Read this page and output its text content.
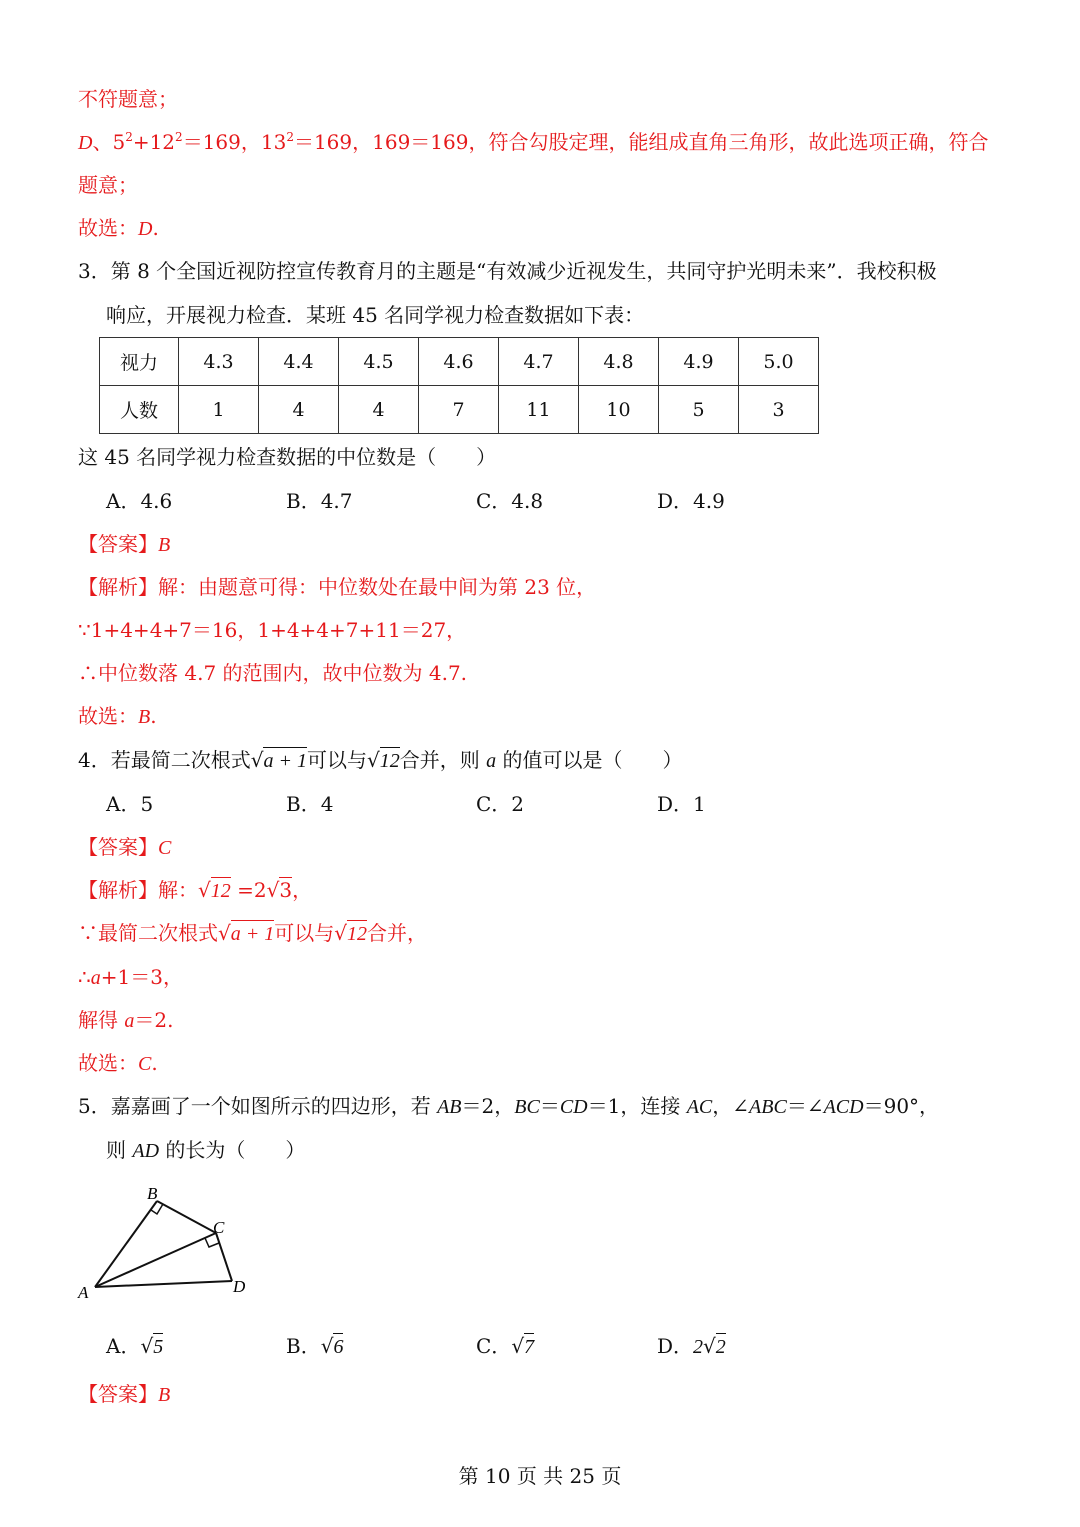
不符题意；
D、$5^2+12^2=169$，$13^2=169$，169＝169，符合勾股定理，能组成直角三角形，故此选项正确，符合
题意；
故选：D.
3．第 8 个全国近视防控宣传教育月的主题是“有效减少近视发生，共同守护光明未来”．我校积极
响应，开展视力检查．某班 45 名同学视力检查数据如下表：
视力	4.3	4.4	4.5	4.6	4.7	4.8	4.9	5.0
人数	1	4	4	7	11	10	5	3
这 45 名同学视力检查数据的中位数是（　　）
A．4.6	B．4.7	C．4.8	D．4.9
【答案】B
【解析】解：由题意可得：中位数处在最中间为第 23 位，
∵1+4+4+7＝16，1+4+4+7+11＝27，
∴中位数落 4.7 的范围内，故中位数为 4.7.
故选：B.
4．若最简二次根式√a + 1可以与√12合并，则 a 的值可以是（　　）
A．5	B．4	C．2	D．1
【答案】C
【解析】解：√12 =2√3，
∵最简二次根式√a + 1可以与√12合并，
∴a+1＝3，
解得 a＝2.
故选：C.
5．嘉嘉画了一个如图所示的四边形，若 AB＝2，BC＝CD＝1，连接 AC，∠ABC＝∠ACD＝90°，
则 AD 的长为（　　）
B
C
A	D
A．√5	B．√6	C．√7	D．2√2
【答案】B
第 10 页 共 25 页
